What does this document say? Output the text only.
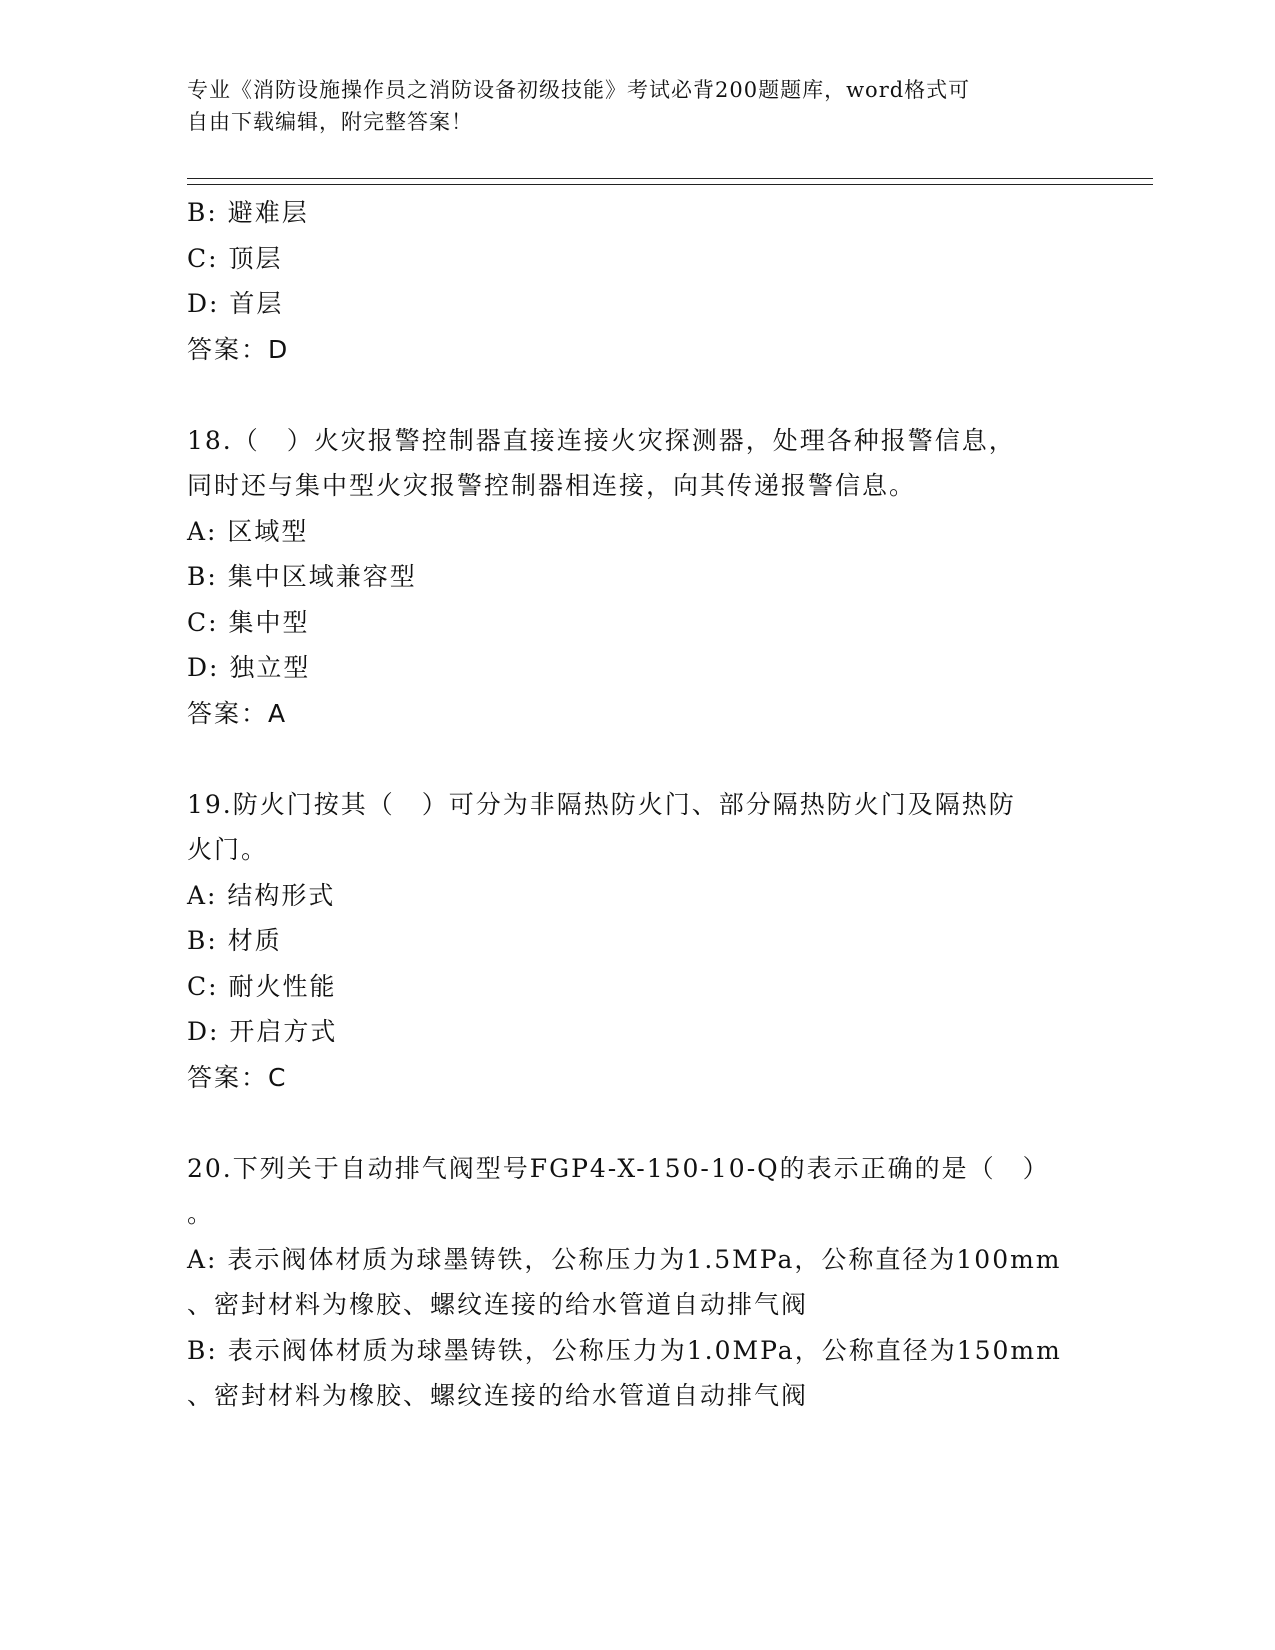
专业《消防设施操作员之消防设备初级技能》考试必背200题题库，word格式可
自由下载编辑，附完整答案！
B: 避难层
C: 顶层
D: 首层
答案：D
18.（　）火灾报警控制器直接连接火灾探测器，处理各种报警信息，
同时还与集中型火灾报警控制器相连接，向其传递报警信息。
A: 区域型
B: 集中区域兼容型
C: 集中型
D: 独立型
答案：A
19.防火门按其（　）可分为非隔热防火门、部分隔热防火门及隔热防
火门。
A: 结构形式
B: 材质
C: 耐火性能
D: 开启方式
答案：C
20.下列关于自动排气阀型号FGP4-X-150-10-Q的表示正确的是（　）
。
A: 表示阀体材质为球墨铸铁，公称压力为1.5MPa，公称直径为100mm
、密封材料为橡胶、螺纹连接的给水管道自动排气阀
B: 表示阀体材质为球墨铸铁，公称压力为1.0MPa，公称直径为150mm
、密封材料为橡胶、螺纹连接的给水管道自动排气阀
